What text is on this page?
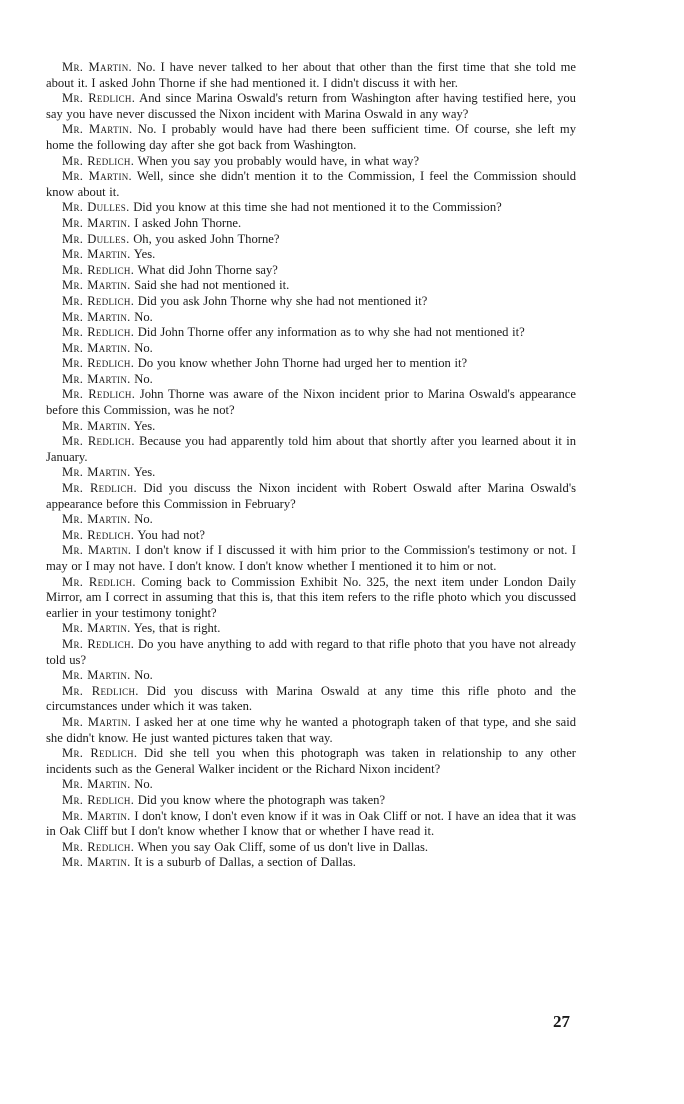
Mr. Martin. No. I have never talked to her about that other than the first time that she told me about it. I asked John Thorne if she had mentioned it. I didn't discuss it with her.

Mr. Redlich. And since Marina Oswald's return from Washington after having testified here, you say you have never discussed the Nixon incident with Marina Oswald in any way?

Mr. Martin. No. I probably would have had there been sufficient time. Of course, she left my home the following day after she got back from Washington.

Mr. Redlich. When you say you probably would have, in what way?

Mr. Martin. Well, since she didn't mention it to the Commission, I feel the Commission should know about it.

Mr. Dulles. Did you know at this time she had not mentioned it to the Commission?

Mr. Martin. I asked John Thorne.

Mr. Dulles. Oh, you asked John Thorne?

Mr. Martin. Yes.

Mr. Redlich. What did John Thorne say?

Mr. Martin. Said she had not mentioned it.

Mr. Redlich. Did you ask John Thorne why she had not mentioned it?

Mr. Martin. No.

Mr. Redlich. Did John Thorne offer any information as to why she had not mentioned it?

Mr. Martin. No.

Mr. Redlich. Do you know whether John Thorne had urged her to mention it?

Mr. Martin. No.

Mr. Redlich. John Thorne was aware of the Nixon incident prior to Marina Oswald's appearance before this Commission, was he not?

Mr. Martin. Yes.

Mr. Redlich. Because you had apparently told him about that shortly after you learned about it in January.

Mr. Martin. Yes.

Mr. Redlich. Did you discuss the Nixon incident with Robert Oswald after Marina Oswald's appearance before this Commission in February?

Mr. Martin. No.

Mr. Redlich. You had not?

Mr. Martin. I don't know if I discussed it with him prior to the Commission's testimony or not. I may or I may not have. I don't know. I don't know whether I mentioned it to him or not.

Mr. Redlich. Coming back to Commission Exhibit No. 325, the next item under London Daily Mirror, am I correct in assuming that this is, that this item refers to the rifle photo which you discussed earlier in your testimony tonight?

Mr. Martin. Yes, that is right.

Mr. Redlich. Do you have anything to add with regard to that rifle photo that you have not already told us?

Mr. Martin. No.

Mr. Redlich. Did you discuss with Marina Oswald at any time this rifle photo and the circumstances under which it was taken.

Mr. Martin. I asked her at one time why he wanted a photograph taken of that type, and she said she didn't know. He just wanted pictures taken that way.

Mr. Redlich. Did she tell you when this photograph was taken in relationship to any other incidents such as the General Walker incident or the Richard Nixon incident?

Mr. Martin. No.

Mr. Redlich. Did you know where the photograph was taken?

Mr. Martin. I don't know, I don't even know if it was in Oak Cliff or not. I have an idea that it was in Oak Cliff but I don't know whether I know that or whether I have read it.

Mr. Redlich. When you say Oak Cliff, some of us don't live in Dallas.

Mr. Martin. It is a suburb of Dallas, a section of Dallas.

27
